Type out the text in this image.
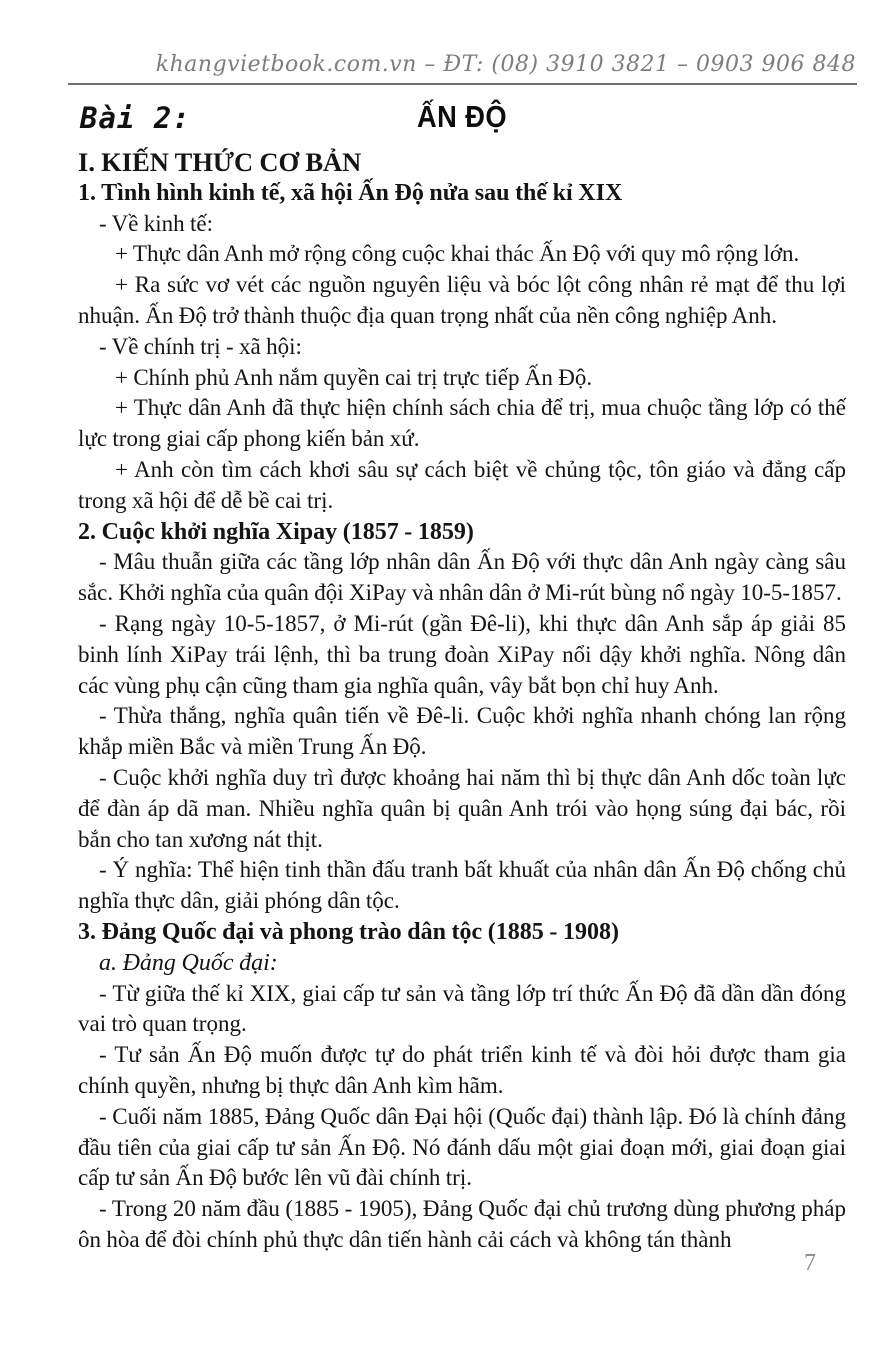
khangvietbook.com.vn – ĐT: (08) 3910 3821 – 0903 906 848
Bài 2:	ẤN ĐỘ

I. KIẾN THỨC CƠ BẢN

1. Tình hình kinh tế, xã hội Ấn Độ nửa sau thế kỉ XIX

- Về kinh tế:

+ Thực dân Anh mở rộng công cuộc khai thác Ấn Độ với quy mô rộng lớn.

+ Ra sức vơ vét các nguồn nguyên liệu và bóc lột công nhân rẻ mạt để thu lợi nhuận. Ấn Độ trở thành thuộc địa quan trọng nhất của nền công nghiệp Anh.

- Về chính trị - xã hội:

+ Chính phủ Anh nắm quyền cai trị trực tiếp Ấn Độ.

+ Thực dân Anh đã thực hiện chính sách chia để trị, mua chuộc tầng lớp có thế lực trong giai cấp phong kiến bản xứ.

+ Anh còn tìm cách khơi sâu sự cách biệt về chủng tộc, tôn giáo và đẳng cấp trong xã hội để dễ bề cai trị.

2. Cuộc khởi nghĩa Xipay (1857 - 1859)

- Mâu thuẫn giữa các tầng lớp nhân dân Ấn Độ với thực dân Anh ngày càng sâu sắc. Khởi nghĩa của quân đội XiPay và nhân dân ở Mi-rút bùng nổ ngày 10-5-1857.

- Rạng ngày 10-5-1857, ở Mi-rút (gần Đê-li), khi thực dân Anh sắp áp giải 85 binh lính XiPay trái lệnh, thì ba trung đoàn XiPay nổi dậy khởi nghĩa. Nông dân các vùng phụ cận cũng tham gia nghĩa quân, vây bắt bọn chỉ huy Anh.

- Thừa thắng, nghĩa quân tiến về Đê-li. Cuộc khởi nghĩa nhanh chóng lan rộng khắp miền Bắc và miền Trung Ấn Độ.

- Cuộc khởi nghĩa duy trì được khoảng hai năm thì bị thực dân Anh dốc toàn lực để đàn áp dã man. Nhiều nghĩa quân bị quân Anh trói vào họng súng đại bác, rồi bắn cho tan xương nát thịt.

- Ý nghĩa: Thể hiện tinh thần đấu tranh bất khuất của nhân dân Ấn Độ chống chủ nghĩa thực dân, giải phóng dân tộc.

3. Đảng Quốc đại và phong trào dân tộc (1885 - 1908)

a. Đảng Quốc đại:

- Từ giữa thế kỉ XIX, giai cấp tư sản và tầng lớp trí thức Ấn Độ đã dần dần đóng vai trò quan trọng.

- Tư sản Ấn Độ muốn được tự do phát triển kinh tế và đòi hỏi được tham gia chính quyền, nhưng bị thực dân Anh kìm hãm.

- Cuối năm 1885, Đảng Quốc dân Đại hội (Quốc đại) thành lập. Đó là chính đảng đầu tiên của giai cấp tư sản Ấn Độ. Nó đánh dấu một giai đoạn mới, giai đoạn giai cấp tư sản Ấn Độ bước lên vũ đài chính trị.

- Trong 20 năm đầu (1885 - 1905), Đảng Quốc đại chủ trương dùng phương pháp ôn hòa để đòi chính phủ thực dân tiến hành cải cách và không tán thành

7
